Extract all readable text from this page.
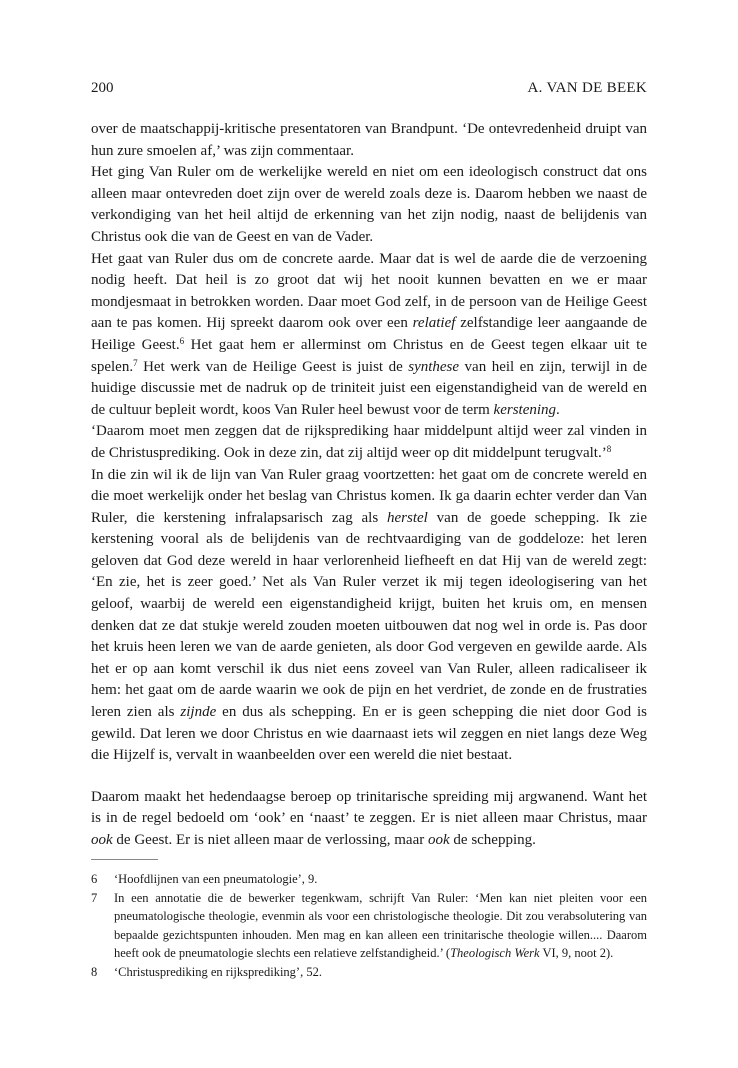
200	A. VAN DE BEEK

over de maatschappij-kritische presentatoren van Brandpunt. ‘De ontevredenheid druipt van hun zure smoelen af,’ was zijn commentaar.

Het ging Van Ruler om de werkelijke wereld en niet om een ideologisch construct dat ons alleen maar ontevreden doet zijn over de wereld zoals deze is. Daarom hebben we naast de verkondiging van het heil altijd de erkenning van het zijn nodig, naast de belijdenis van Christus ook die van de Geest en van de Vader.

Het gaat van Ruler dus om de concrete aarde. Maar dat is wel de aarde die de verzoening nodig heeft. Dat heil is zo groot dat wij het nooit kunnen bevatten en we er maar mondjesmaat in betrokken worden. Daar moet God zelf, in de persoon van de Heilige Geest aan te pas komen. Hij spreekt daarom ook over een relatief zelfstandige leer aangaande de Heilige Geest.$^6$ Het gaat hem er allerminst om Christus en de Geest tegen elkaar uit te spelen.$^7$ Het werk van de Heilige Geest is juist de synthese van heil en zijn, terwijl in de huidige discussie met de nadruk op de triniteit juist een eigenstandigheid van de wereld en de cultuur bepleit wordt, koos Van Ruler heel bewust voor de term kerstening.

‘Daarom moet men zeggen dat de rijksprediking haar middelpunt altijd weer zal vinden in de Christusprediking. Ook in deze zin, dat zij altijd weer op dit middelpunt terugvalt.’$^8$

In die zin wil ik de lijn van Van Ruler graag voortzetten: het gaat om de concrete wereld en die moet werkelijk onder het beslag van Christus komen. Ik ga daarin echter verder dan Van Ruler, die kerstening infralapsarisch zag als herstel van de goede schepping. Ik zie kerstening vooral als de belijdenis van de rechtvaardiging van de goddeloze: het leren geloven dat God deze wereld in haar verlorenheid liefheeft en dat Hij van de wereld zegt: ‘En zie, het is zeer goed.’ Net als Van Ruler verzet ik mij tegen ideologisering van het geloof, waarbij de wereld een eigenstandigheid krijgt, buiten het kruis om, en mensen denken dat ze dat stukje wereld zouden moeten uitbouwen dat nog wel in orde is. Pas door het kruis heen leren we van de aarde genieten, als door God vergeven en gewilde aarde. Als het er op aan komt verschil ik dus niet eens zoveel van Van Ruler, alleen radicaliseer ik hem: het gaat om de aarde waarin we ook de pijn en het verdriet, de zonde en de frustraties leren zien als zijnde en dus als schepping. En er is geen schepping die niet door God is gewild. Dat leren we door Christus en wie daarnaast iets wil zeggen en niet langs deze Weg die Hijzelf is, vervalt in waanbeelden over een wereld die niet bestaat.

Daarom maakt het hedendaagse beroep op trinitarische spreiding mij argwanend. Want het is in de regel bedoeld om ‘ook’ en ‘naast’ te zeggen. Er is niet alleen maar Christus, maar ook de Geest. Er is niet alleen maar de verlossing, maar ook de schepping.

6 ‘Hoofdlijnen van een pneumatologie’, 9.
7 In een annotatie die de bewerker tegenkwam, schrijft Van Ruler: ‘Men kan niet pleiten voor een pneumatologische theologie, evenmin als voor een christologische theologie. Dit zou verabsolutering van bepaalde gezichtspunten inhouden. Men mag en kan alleen een trinitarische theologie willen.... Daarom heeft ook de pneumatologie slechts een relatieve zelfstandigheid.’ (Theologisch Werk VI, 9, noot 2).
8 ‘Christusprediking en rijksprediking’, 52.
